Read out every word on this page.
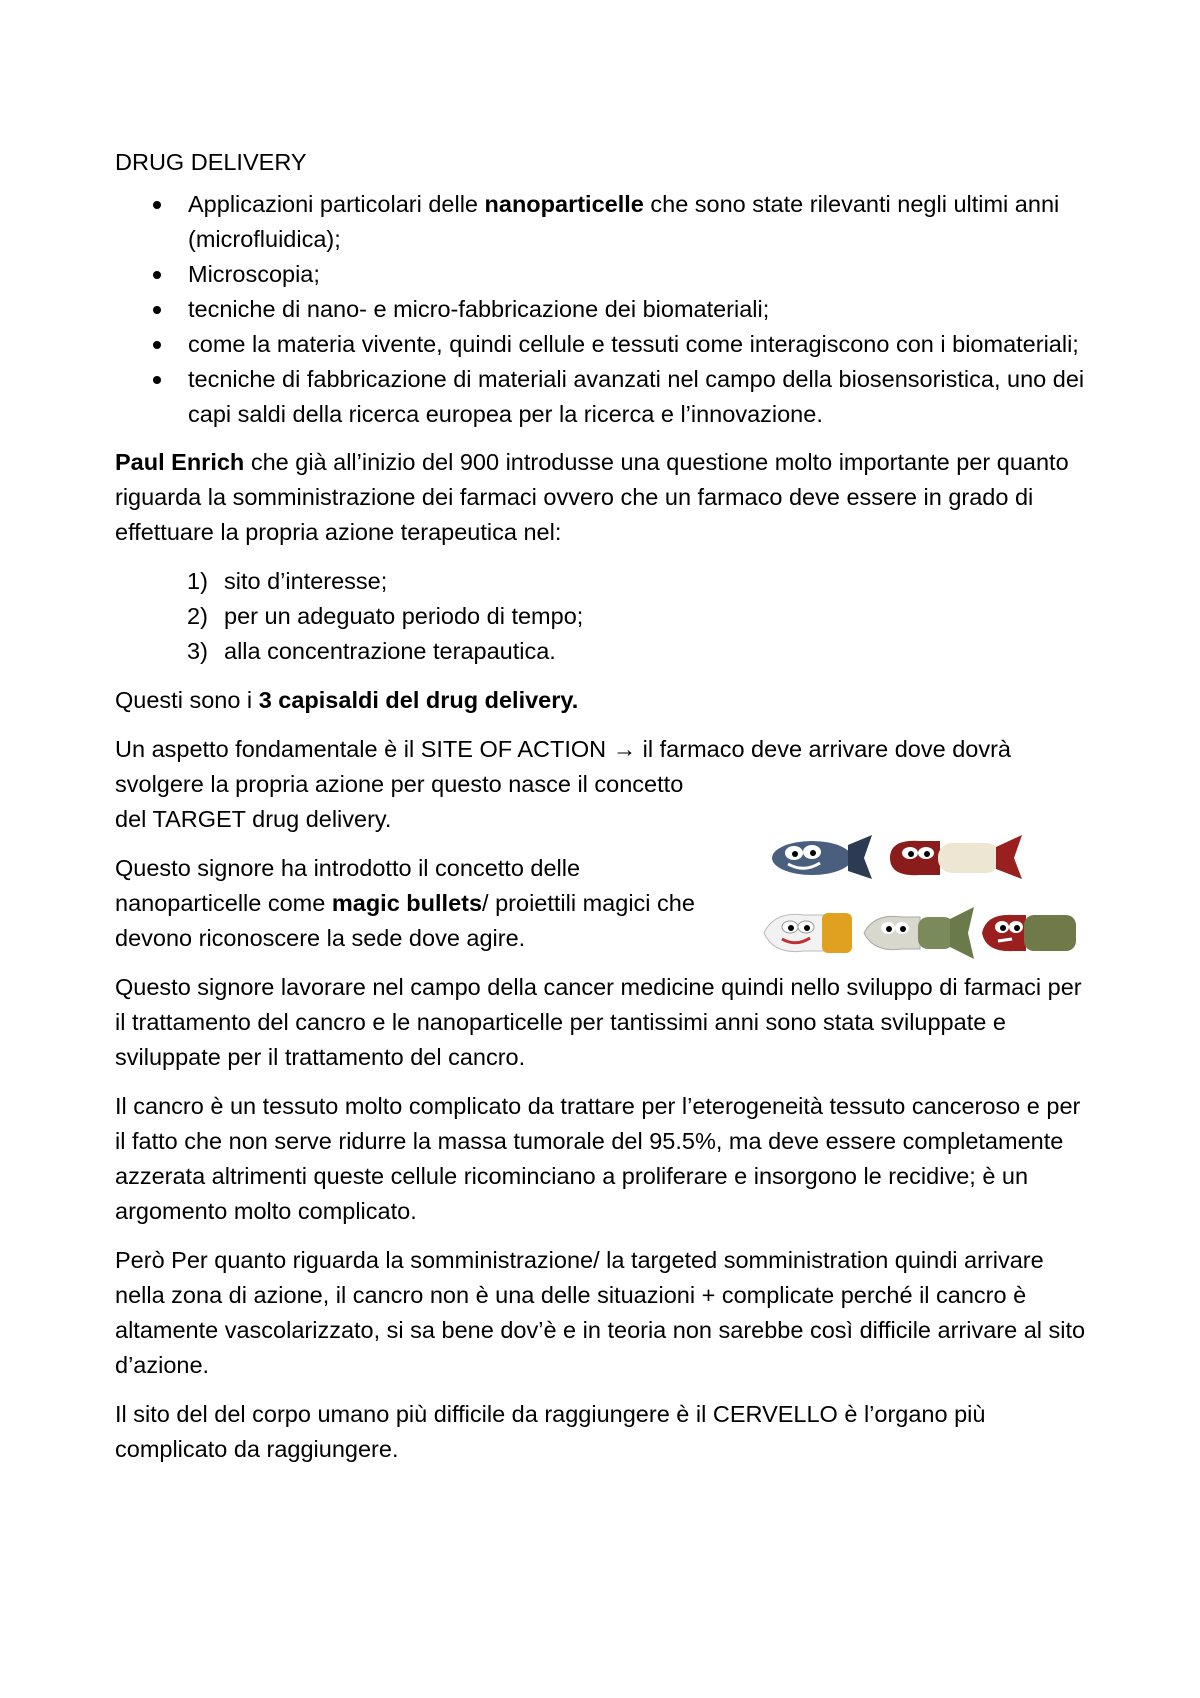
DRUG DELIVERY
Applicazioni particolari delle nanoparticelle che sono state rilevanti negli ultimi anni (microfluidica);
Microscopia;
tecniche di nano- e micro-fabbricazione dei biomateriali;
come la materia vivente, quindi cellule e tessuti come interagiscono con i biomateriali;
tecniche di fabbricazione di materiali avanzati nel campo della biosensoristica, uno dei capi saldi della ricerca europea per la ricerca e l’innovazione.

Paul Enrich che già all’inizio del 900 introdusse una questione molto importante per quanto riguarda la somministrazione dei farmaci ovvero che un farmaco deve essere in grado di effettuare la propria azione terapeutica nel:

1) sito d’interesse;
2) per un adeguato periodo di tempo;
3) alla concentrazione terapautica.

Questi sono i 3 capisaldi del drug delivery.

Un aspetto fondamentale è il SITE OF ACTION → il farmaco deve arrivare dove dovrà
svolgere la propria azione per questo nasce il concetto del TARGET drug delivery.

Questo signore ha introdotto il concetto delle nanoparticelle come magic bullets/ proiettili magici che devono riconoscere la sede dove agire.

Questo signore lavorare nel campo della cancer medicine quindi nello sviluppo di farmaci per il trattamento del cancro e le nanoparticelle per tantissimi anni sono stata sviluppate e sviluppate per il trattamento del cancro.

Il cancro è un tessuto molto complicato da trattare per l’eterogeneità tessuto canceroso e per il fatto che non serve ridurre la massa tumorale del 95.5%, ma deve essere completamente azzerata altrimenti queste cellule ricominciano a proliferare e insorgono le recidive; è un argomento molto complicato.

Però Per quanto riguarda la somministrazione/ la targeted somministration quindi arrivare nella zona di azione, il cancro non è una delle situazioni + complicate perché il cancro è altamente vascolarizzato, si sa bene dov’è e in teoria non sarebbe così difficile arrivare al sito d’azione.

Il sito del del corpo umano più difficile da raggiungere è il CERVELLO è l’organo più complicato da raggiungere.
